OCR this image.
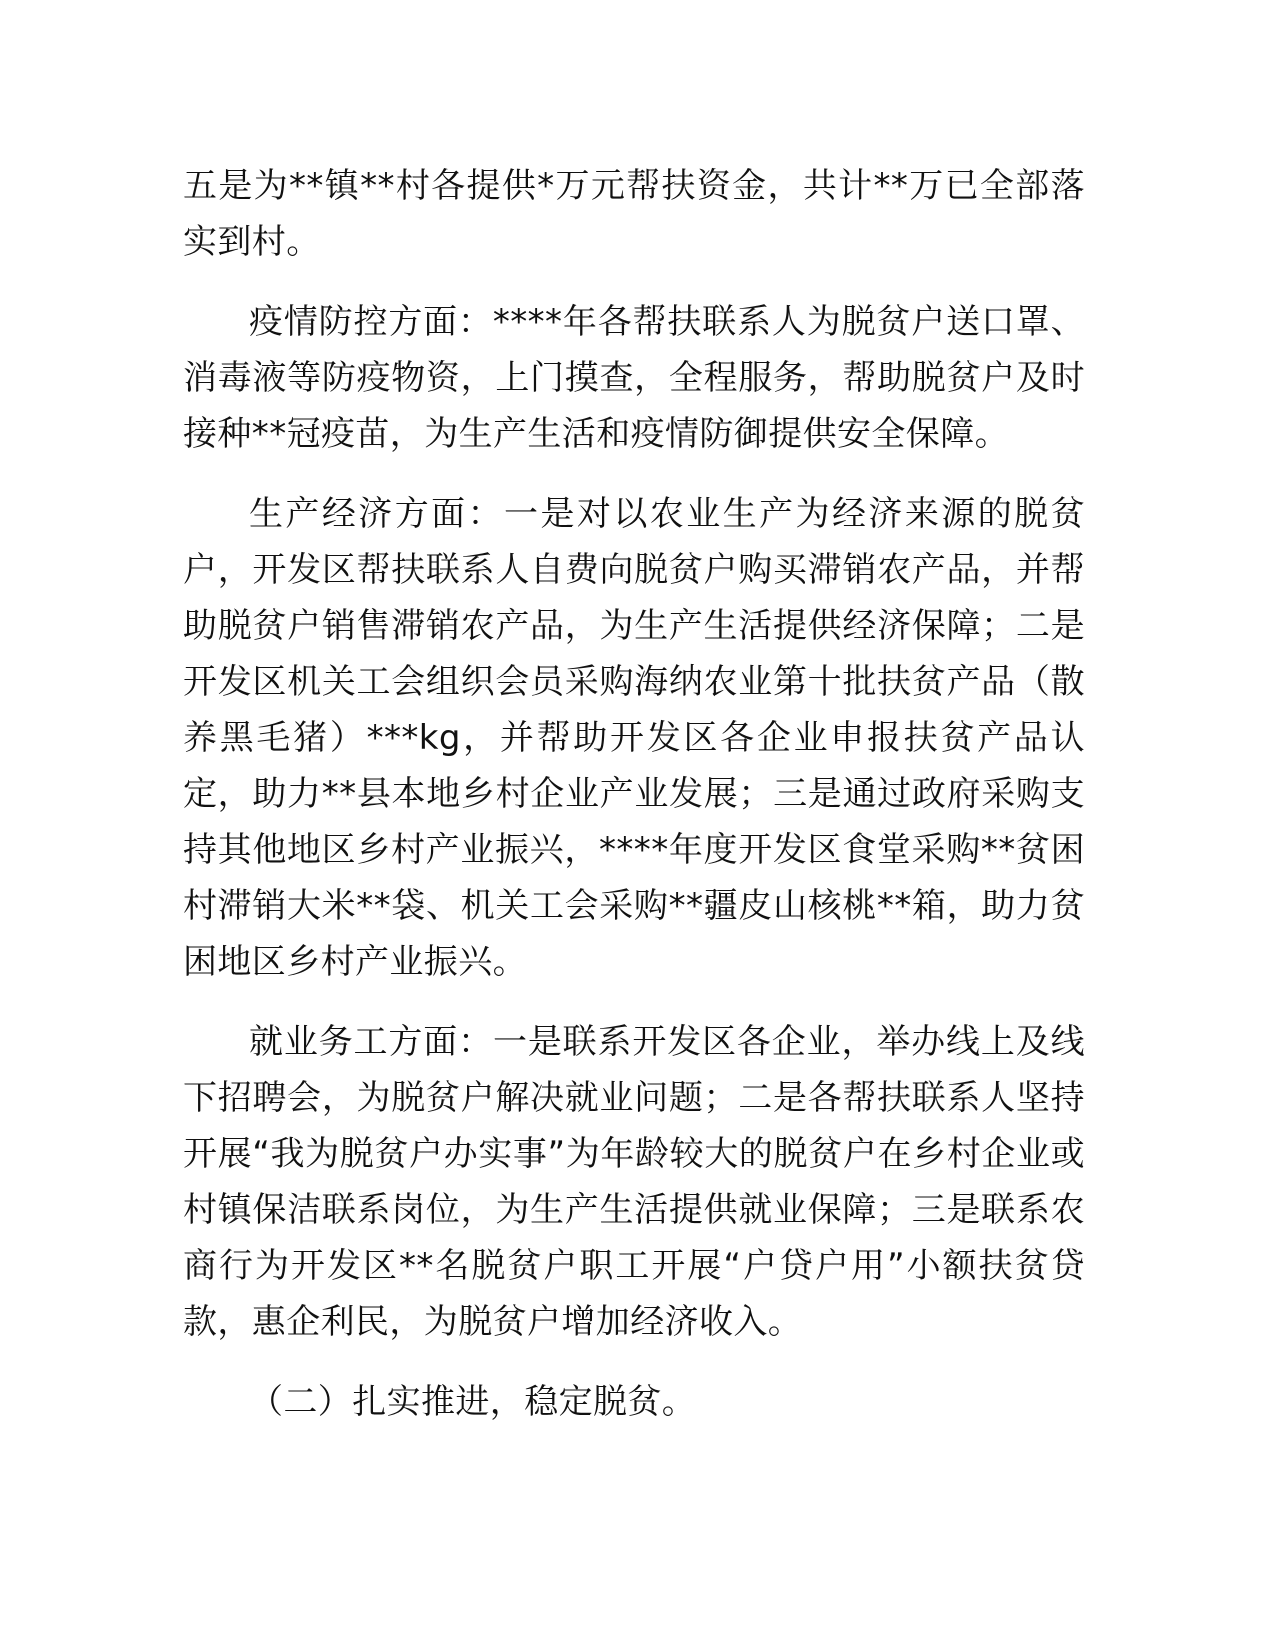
五是为**镇**村各提供*万元帮扶资金，共计**万已全部落实到村。

疫情防控方面：****年各帮扶联系人为脱贫户送口罩、消毒液等防疫物资，上门摸查，全程服务，帮助脱贫户及时接种**冠疫苗，为生产生活和疫情防御提供安全保障。

生产经济方面：一是对以农业生产为经济来源的脱贫户，开发区帮扶联系人自费向脱贫户购买滞销农产品，并帮助脱贫户销售滞销农产品，为生产生活提供经济保障；二是开发区机关工会组织会员采购海纳农业第十批扶贫产品（散养黑毛猪）***kg，并帮助开发区各企业申报扶贫产品认定，助力**县本地乡村企业产业发展；三是通过政府采购支持其他地区乡村产业振兴，****年度开发区食堂采购**贫困村滞销大米**袋、机关工会采购**疆皮山核桃**箱，助力贫困地区乡村产业振兴。

就业务工方面：一是联系开发区各企业，举办线上及线下招聘会，为脱贫户解决就业问题；二是各帮扶联系人坚持开展“我为脱贫户办实事”为年龄较大的脱贫户在乡村企业或村镇保洁联系岗位，为生产生活提供就业保障；三是联系农商行为开发区**名脱贫户职工开展“户贷户用”小额扶贫贷款，惠企利民，为脱贫户增加经济收入。

（二）扎实推进，稳定脱贫。
